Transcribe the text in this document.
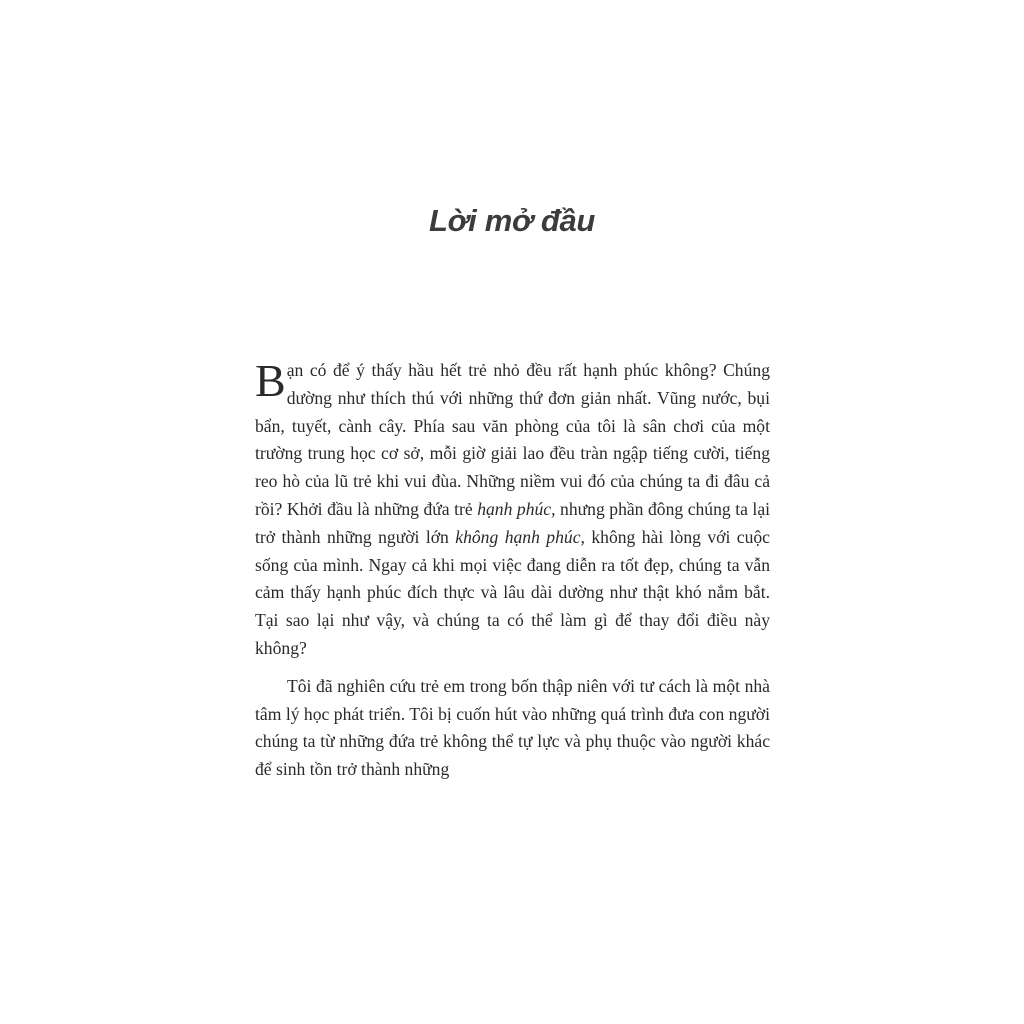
Lời mở đầu

Bạn có để ý thấy hầu hết trẻ nhỏ đều rất hạnh phúc không? Chúng dường như thích thú với những thứ đơn giản nhất. Vũng nước, bụi bẩn, tuyết, cành cây. Phía sau văn phòng của tôi là sân chơi của một trường trung học cơ sở, mỗi giờ giải lao đều tràn ngập tiếng cười, tiếng reo hò của lũ trẻ khi vui đùa. Những niềm vui đó của chúng ta đi đâu cả rồi? Khởi đầu là những đứa trẻ hạnh phúc, nhưng phần đông chúng ta lại trở thành những người lớn không hạnh phúc, không hài lòng với cuộc sống của mình. Ngay cả khi mọi việc đang diễn ra tốt đẹp, chúng ta vẫn cảm thấy hạnh phúc đích thực và lâu dài dường như thật khó nắm bắt. Tại sao lại như vậy, và chúng ta có thể làm gì để thay đổi điều này không?

Tôi đã nghiên cứu trẻ em trong bốn thập niên với tư cách là một nhà tâm lý học phát triển. Tôi bị cuốn hút vào những quá trình đưa con người chúng ta từ những đứa trẻ không thể tự lực và phụ thuộc vào người khác để sinh tồn trở thành những
